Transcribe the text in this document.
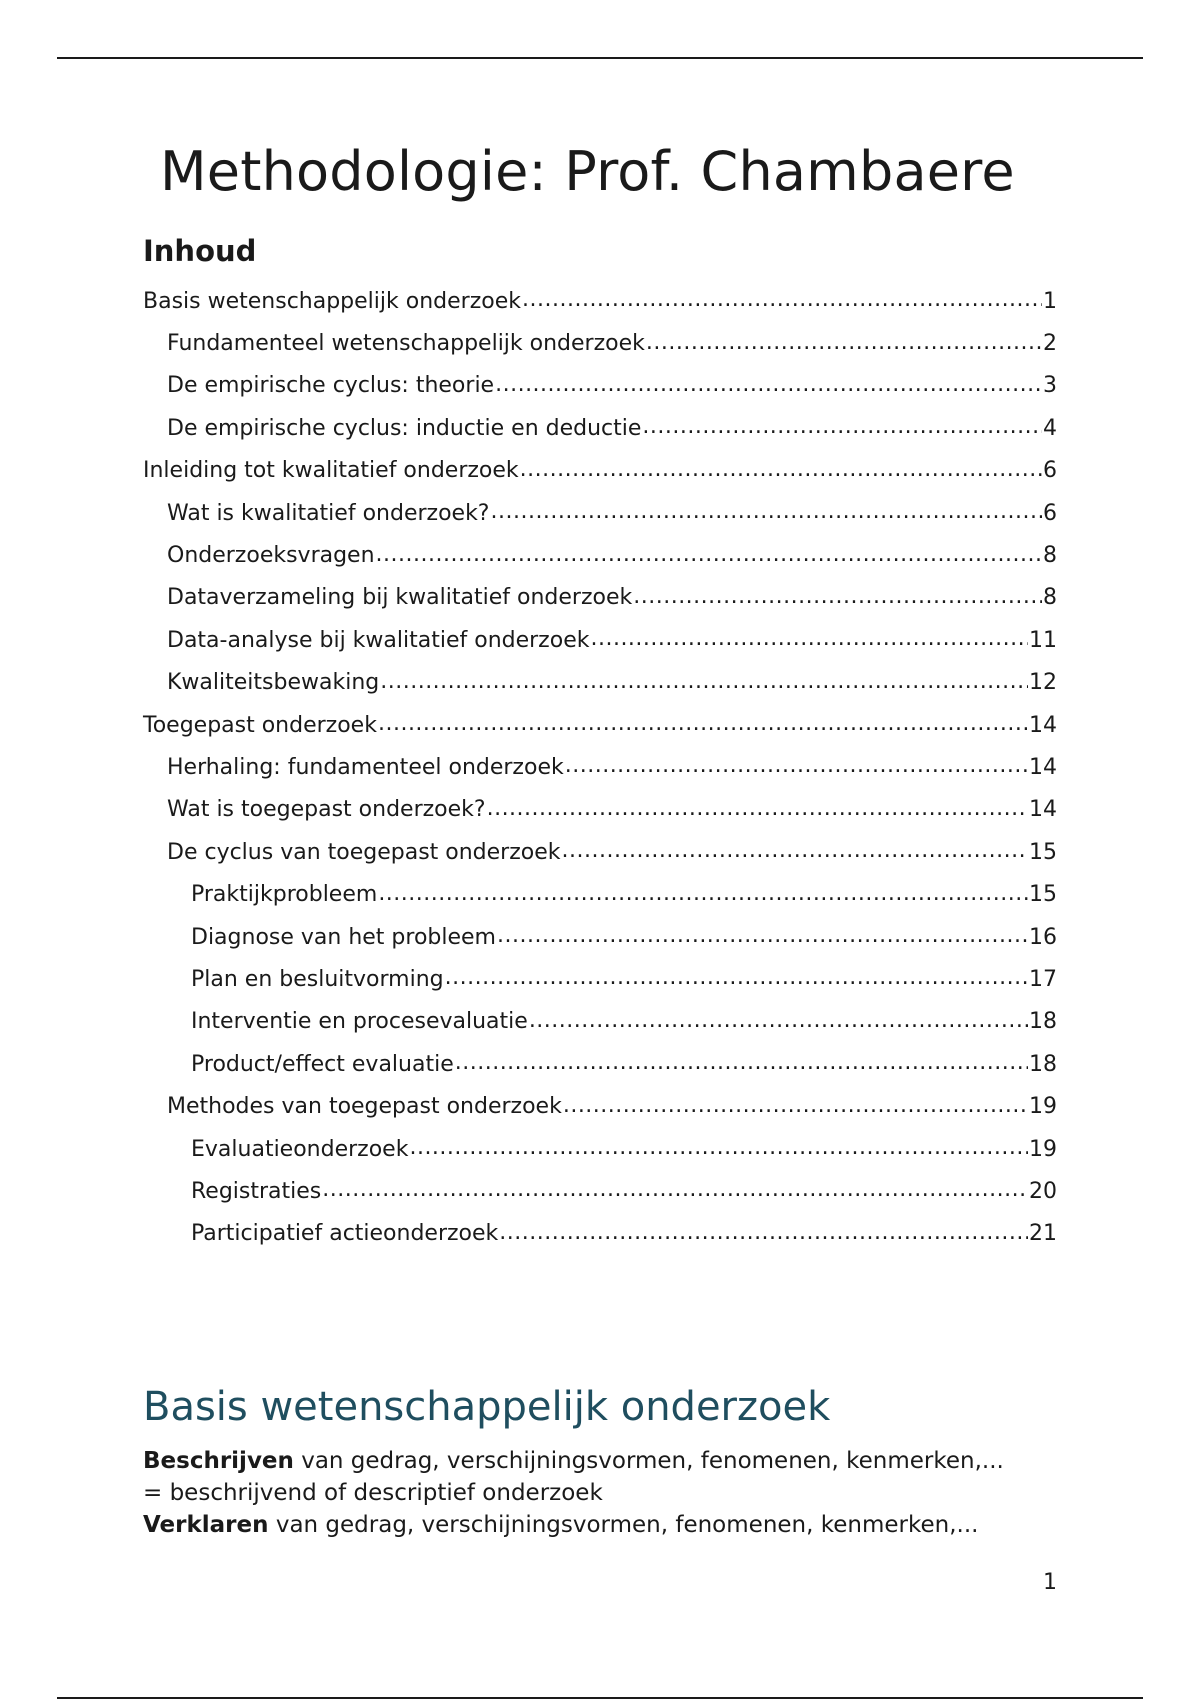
Methodologie: Prof. Chambaere
Inhoud
Basis wetenschappelijk onderzoek .....	1
Fundamenteel wetenschappelijk onderzoek .....	2
De empirische cyclus: theorie .....	3
De empirische cyclus: inductie en deductie .....	4
Inleiding tot kwalitatief onderzoek .....	6
Wat is kwalitatief onderzoek? .....	6
Onderzoeksvragen .....	8
Dataverzameling bij kwalitatief onderzoek .....	8
Data-analyse bij kwalitatief onderzoek .....	11
Kwaliteitsbewaking .....	12
Toegepast onderzoek .....	14
Herhaling: fundamenteel onderzoek .....	14
Wat is toegepast onderzoek? .....	14
De cyclus van toegepast onderzoek .....	15
Praktijkprobleem .....	15
Diagnose van het probleem .....	16
Plan en besluitvorming .....	17
Interventie en procesevaluatie .....	18
Product/effect evaluatie .....	18
Methodes van toegepast onderzoek .....	19
Evaluatieonderzoek .....	19
Registraties .....	20
Participatief actieonderzoek .....	21
Basis wetenschappelijk onderzoek

Beschrijven van gedrag, verschijningsvormen, fenomenen, kenmerken,...

= beschrijvend of descriptief onderzoek

Verklaren van gedrag, verschijningsvormen, fenomenen, kenmerken,...

1
